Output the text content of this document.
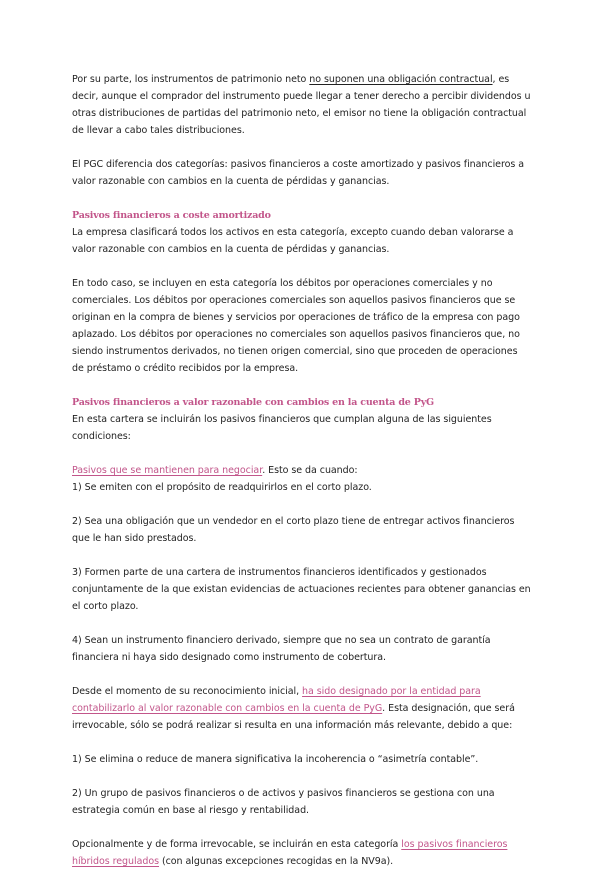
Por su parte, los instrumentos de patrimonio neto no suponen una obligación contractual, es decir, aunque el comprador del instrumento puede llegar a tener derecho a percibir dividendos u otras distribuciones de partidas del patrimonio neto, el emisor no tiene la obligación contractual de llevar a cabo tales distribuciones.

El PGC diferencia dos categorías: pasivos financieros a coste amortizado y pasivos financieros a valor razonable con cambios en la cuenta de pérdidas y ganancias.

Pasivos financieros a coste amortizado

La empresa clasificará todos los activos en esta categoría, excepto cuando deban valorarse a valor razonable con cambios en la cuenta de pérdidas y ganancias.

En todo caso, se incluyen en esta categoría los débitos por operaciones comerciales y no comerciales. Los débitos por operaciones comerciales son aquellos pasivos financieros que se originan en la compra de bienes y servicios por operaciones de tráfico de la empresa con pago aplazado. Los débitos por operaciones no comerciales son aquellos pasivos financieros que, no siendo instrumentos derivados, no tienen origen comercial, sino que proceden de operaciones de préstamo o crédito recibidos por la empresa.

Pasivos financieros a valor razonable con cambios en la cuenta de PyG

En esta cartera se incluirán los pasivos financieros que cumplan alguna de las siguientes condiciones:

Pasivos que se mantienen para negociar. Esto se da cuando:

1) Se emiten con el propósito de readquirirlos en el corto plazo.

2) Sea una obligación que un vendedor en el corto plazo tiene de entregar activos financieros que le han sido prestados.

3) Formen parte de una cartera de instrumentos financieros identificados y gestionados conjuntamente de la que existan evidencias de actuaciones recientes para obtener ganancias en el corto plazo.

4) Sean un instrumento financiero derivado, siempre que no sea un contrato de garantía financiera ni haya sido designado como instrumento de cobertura.

Desde el momento de su reconocimiento inicial, ha sido designado por la entidad para contabilizarlo al valor razonable con cambios en la cuenta de PyG. Esta designación, que será irrevocable, sólo se podrá realizar si resulta en una información más relevante, debido a que:

1) Se elimina o reduce de manera significativa la incoherencia o “asimetría contable”.

2) Un grupo de pasivos financieros o de activos y pasivos financieros se gestiona con una estrategia común en base al riesgo y rentabilidad.

Opcionalmente y de forma irrevocable, se incluirán en esta categoría los pasivos financieros híbridos regulados (con algunas excepciones recogidas en la NV9a).
